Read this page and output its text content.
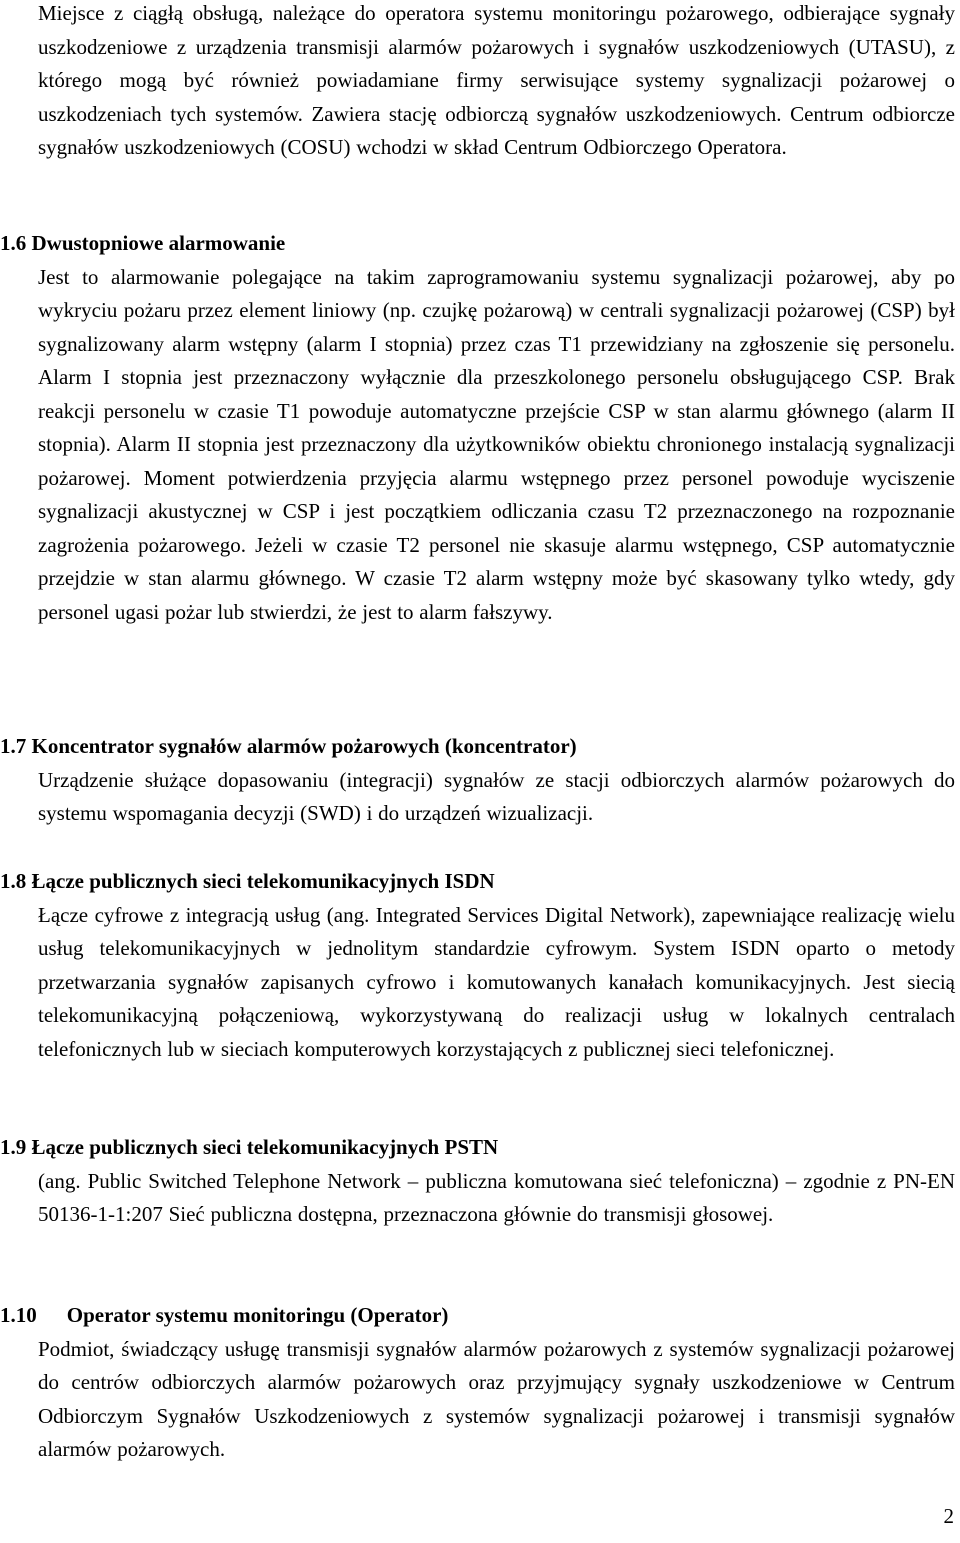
Miejsce z ciągłą obsługą, należące do operatora systemu monitoringu pożarowego, odbierające sygnały uszkodzeniowe z urządzenia transmisji alarmów pożarowych i sygnałów uszkodzeniowych (UTASU), z którego mogą być również powiadamiane firmy serwisujące systemy sygnalizacji pożarowej o uszkodzeniach tych systemów. Zawiera stację odbiorczą sygnałów uszkodzeniowych. Centrum odbiorcze sygnałów uszkodzeniowych (COSU) wchodzi w skład Centrum Odbiorczego Operatora.

1.6 Dwustopniowe alarmowanie

Jest to alarmowanie polegające na takim zaprogramowaniu systemu sygnalizacji pożarowej, aby po wykryciu pożaru przez element liniowy (np. czujkę pożarową) w centrali sygnalizacji pożarowej (CSP) był sygnalizowany alarm wstępny (alarm I stopnia) przez czas T1 przewidziany na zgłoszenie się personelu. Alarm I stopnia jest przeznaczony wyłącznie dla przeszkolonego personelu obsługującego CSP. Brak reakcji personelu w czasie T1 powoduje automatyczne przejście CSP w stan alarmu głównego (alarm II stopnia). Alarm II stopnia jest przeznaczony dla użytkowników obiektu chronionego instalacją sygnalizacji pożarowej. Moment potwierdzenia przyjęcia alarmu wstępnego przez personel powoduje wyciszenie sygnalizacji akustycznej w CSP i jest początkiem odliczania czasu T2 przeznaczonego na rozpoznanie zagrożenia pożarowego. Jeżeli w czasie T2 personel nie skasuje alarmu wstępnego, CSP automatycznie przejdzie w stan alarmu głównego. W czasie T2 alarm wstępny może być skasowany tylko wtedy, gdy personel ugasi pożar lub stwierdzi, że jest to alarm fałszywy.

1.7 Koncentrator sygnałów alarmów pożarowych (koncentrator)

Urządzenie służące dopasowaniu (integracji) sygnałów ze stacji odbiorczych alarmów pożarowych do systemu wspomagania decyzji (SWD) i do urządzeń wizualizacji.

1.8 Łącze publicznych sieci telekomunikacyjnych ISDN

Łącze cyfrowe z integracją usług (ang. Integrated Services Digital Network), zapewniające realizację wielu usług telekomunikacyjnych w jednolitym standardzie cyfrowym. System ISDN oparto o metody przetwarzania sygnałów zapisanych cyfrowo i komutowanych kanałach komunikacyjnych. Jest siecią telekomunikacyjną połączeniową, wykorzystywaną do realizacji usług w lokalnych centralach telefonicznych lub w sieciach komputerowych korzystających z publicznej sieci telefonicznej.

1.9 Łącze publicznych sieci telekomunikacyjnych PSTN

(ang. Public Switched Telephone Network – publiczna komutowana sieć telefoniczna) – zgodnie z PN-EN 50136-1-1:207 Sieć publiczna dostępna, przeznaczona głównie do transmisji głosowej.

1.10 Operator systemu monitoringu (Operator)

Podmiot, świadczący usługę transmisji sygnałów alarmów pożarowych z systemów sygnalizacji pożarowej do centrów odbiorczych alarmów pożarowych oraz przyjmujący sygnały uszkodzeniowe w Centrum Odbiorczym Sygnałów Uszkodzeniowych z systemów sygnalizacji pożarowej i transmisji sygnałów alarmów pożarowych.

2
